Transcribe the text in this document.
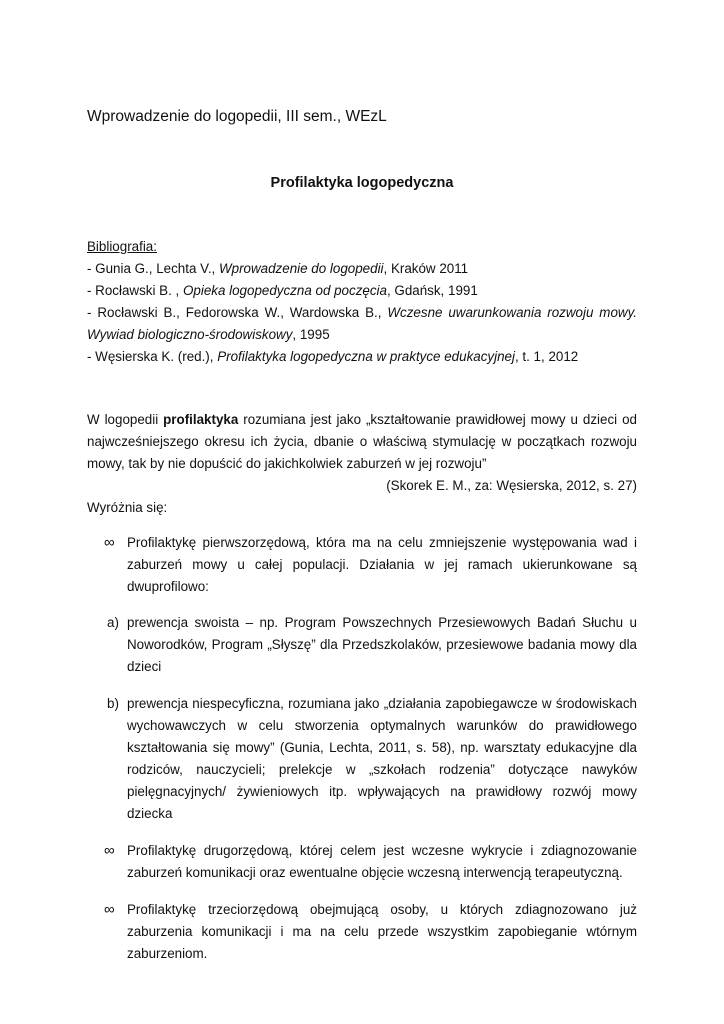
Wprowadzenie do logopedii, III sem., WEzL
Profilaktyka logopedyczna
Bibliografia:
- Gunia G., Lechta V., Wprowadzenie do logopedii, Kraków 2011
- Rocławski B. , Opieka logopedyczna od poczęcia, Gdańsk, 1991
- Rocławski B., Fedorowska W., Wardowska B., Wczesne uwarunkowania rozwoju mowy. Wywiad biologiczno-środowiskowy, 1995
- Węsierska K. (red.), Profilaktyka logopedyczna w praktyce edukacyjnej, t. 1, 2012

W logopedii profilaktyka rozumiana jest jako „kształtowanie prawidłowej mowy u dzieci od najwcześniejszego okresu ich życia, dbanie o właściwą stymulację w początkach rozwoju mowy, tak by nie dopuścić do jakichkolwiek zaburzeń w jej rozwoju”

(Skorek E. M., za: Węsierska, 2012, s. 27)
Wyróżnia się:
∞ Profilaktykę pierwszorzędową, która ma na celu zmniejszenie występowania wad i zaburzeń mowy u całej populacji. Działania w jej ramach ukierunkowane są dwuprofilowo:
a) prewencja swoista – np. Program Powszechnych Przesiewowych Badań Słuchu u Noworodków, Program „Słyszę” dla Przedszkolaków, przesiewowe badania mowy dla dzieci
b) prewencja niespecyficzna, rozumiana jako „działania zapobiegawcze w środowiskach wychowawczych w celu stworzenia optymalnych warunków do prawidłowego kształtowania się mowy” (Gunia, Lechta, 2011, s. 58), np. warsztaty edukacyjne dla rodziców, nauczycieli; prelekcje w „szkołach rodzenia” dotyczące nawyków pielęgnacyjnych/ żywieniowych itp. wpływających na prawidłowy rozwój mowy dziecka
∞ Profilaktykę drugorzędową, której celem jest wczesne wykrycie i zdiagnozowanie zaburzeń komunikacji oraz ewentualne objęcie wczesną interwencją terapeutyczną.
∞ Profilaktykę trzeciorzędową obejmującą osoby, u których zdiagnozowano już zaburzenia komunikacji i ma na celu przede wszystkim zapobieganie wtórnym zaburzeniom.
